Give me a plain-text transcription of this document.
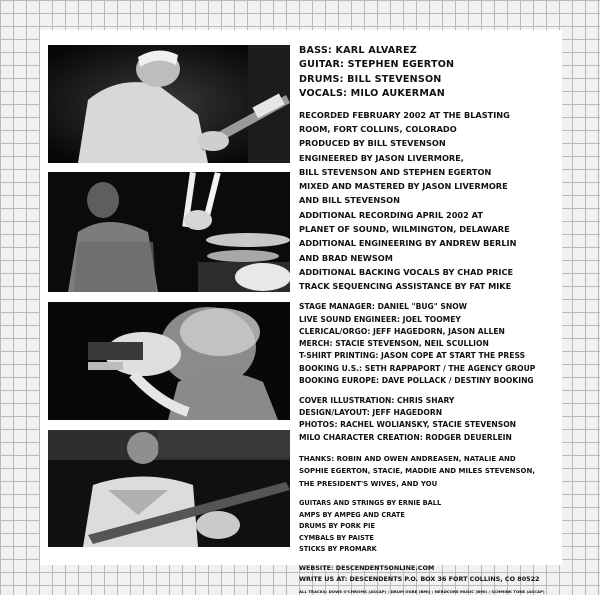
BASS: KARL ALVAREZ
GUITAR: STEPHEN EGERTON
DRUMS: BILL STEVENSON
VOCALS: MILO AUKERMAN
RECORDED FEBRUARY 2002 AT THE BLASTING
ROOM, FORT COLLINS, COLORADO
PRODUCED BY BILL STEVENSON
ENGINEERED BY JASON LIVERMORE,
BILL STEVENSON AND STEPHEN EGERTON
MIXED AND MASTERED BY JASON LIVERMORE
AND BILL STEVENSON
ADDITIONAL RECORDING APRIL 2002 AT
PLANET OF SOUND, WILMINGTON, DELAWARE
ADDITIONAL ENGINEERING BY ANDREW BERLIN
AND BRAD NEWSOM
ADDITIONAL BACKING VOCALS BY CHAD PRICE
TRACK SEQUENCING ASSISTANCE BY FAT MIKE
STAGE MANAGER: DANIEL "BUG" SNOW
LIVE SOUND ENGINEER: JOEL TOOMEY
CLERICAL/ORGO: JEFF HAGEDORN, JASON ALLEN
MERCH: STACIE STEVENSON, NEIL SCULLION
T-SHIRT PRINTING: JASON COPE AT START THE PRESS
BOOKING U.S.: SETH RAPPAPORT / THE AGENCY GROUP
BOOKING EUROPE: DAVE POLLACK / DESTINY BOOKING
COVER ILLUSTRATION: CHRIS SHARY
DESIGN/LAYOUT: JEFF HAGEDORN
PHOTOS: RACHEL WOLIANSKY, STACIE STEVENSON
MILO CHARACTER CREATION: RODGER DEUERLEIN
THANKS: ROBIN AND OWEN ANDREASEN, NATALIE AND
SOPHIE EGERTON, STACIE, MADDIE AND MILES STEVENSON,
THE PRESIDENT'S WIVES, AND YOU
GUITARS AND STRINGS BY ERNIE BALL
AMPS BY AMPEG AND CRATE
DRUMS BY PORK PIE
CYMBALS BY PAISTE
STICKS BY PROMARK
WEBSITE: DESCENDENTSONLINE.COM
WRITE US AT: DESCENDENTS P.O. BOX 36 FORT COLLINS, CO 80522
ALL TRACKS: DOWE O'CHROMS (ASCAP) / DRUM OGRE (BMI) / NERDCORE MUSIC (BMI) / SCHMINK TONE (ASCAP)
